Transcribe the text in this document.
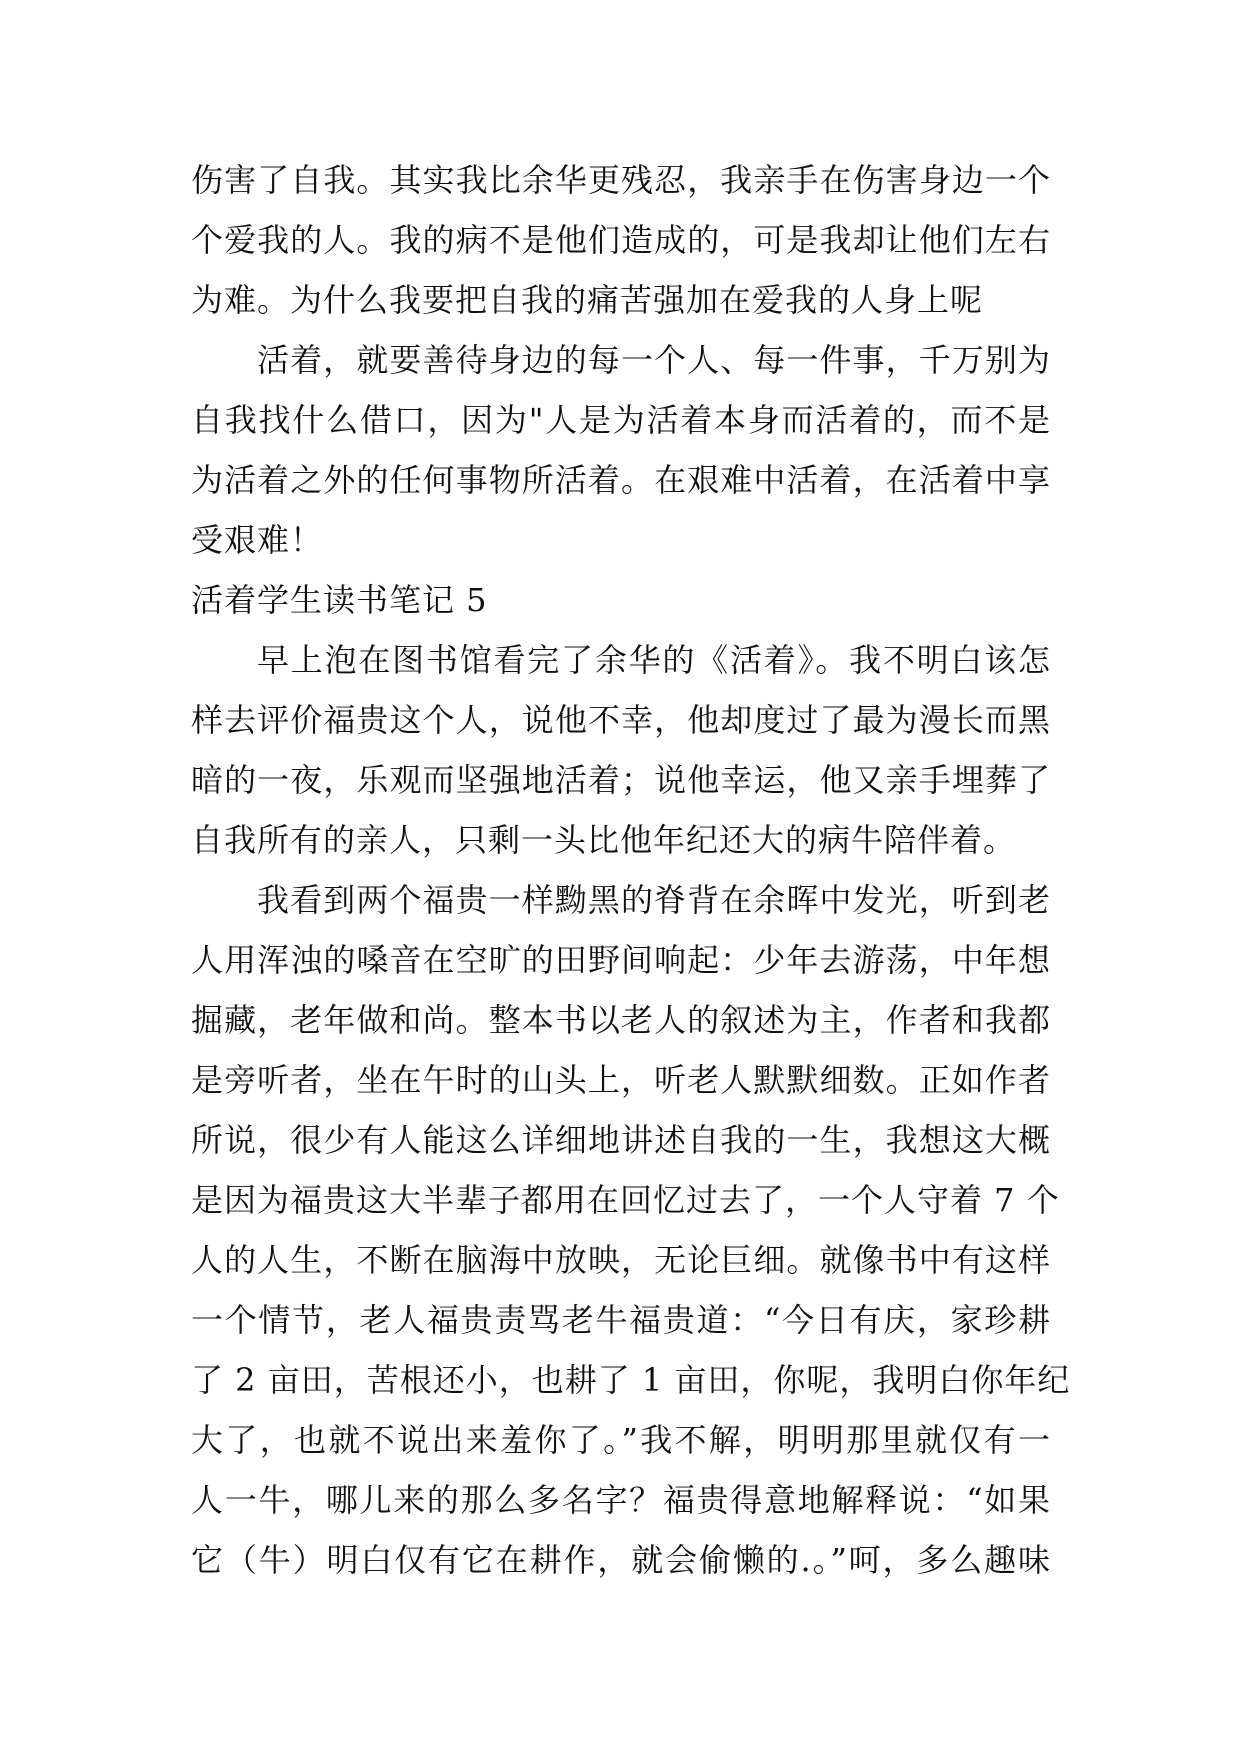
伤害了自我。其实我比余华更残忍，我亲手在伤害身边一个
个爱我的人。我的病不是他们造成的，可是我却让他们左右
为难。为什么我要把自我的痛苦强加在爱我的人身上呢
活着，就要善待身边的每一个人、每一件事，千万别为
自我找什么借口，因为"人是为活着本身而活着的，而不是
为活着之外的任何事物所活着。在艰难中活着，在活着中享
受艰难！
活着学生读书笔记 5
早上泡在图书馆看完了余华的《活着》。我不明白该怎
样去评价福贵这个人，说他不幸，他却度过了最为漫长而黑
暗的一夜，乐观而坚强地活着；说他幸运，他又亲手埋葬了
自我所有的亲人，只剩一头比他年纪还大的病牛陪伴着。
我看到两个福贵一样黝黑的脊背在余晖中发光，听到老
人用浑浊的嗓音在空旷的田野间响起：少年去游荡，中年想
掘藏，老年做和尚。整本书以老人的叙述为主，作者和我都
是旁听者，坐在午时的山头上，听老人默默细数。正如作者
所说，很少有人能这么详细地讲述自我的一生，我想这大概
是因为福贵这大半辈子都用在回忆过去了，一个人守着 7 个
人的人生，不断在脑海中放映，无论巨细。就像书中有这样
一个情节，老人福贵责骂老牛福贵道：“今日有庆，家珍耕
了 2 亩田，苦根还小，也耕了 1 亩田，你呢，我明白你年纪
大了，也就不说出来羞你了。”我不解，明明那里就仅有一
人一牛，哪儿来的那么多名字？福贵得意地解释说：“如果
它（牛）明白仅有它在耕作，就会偷懒的.。”呵，多么趣味
